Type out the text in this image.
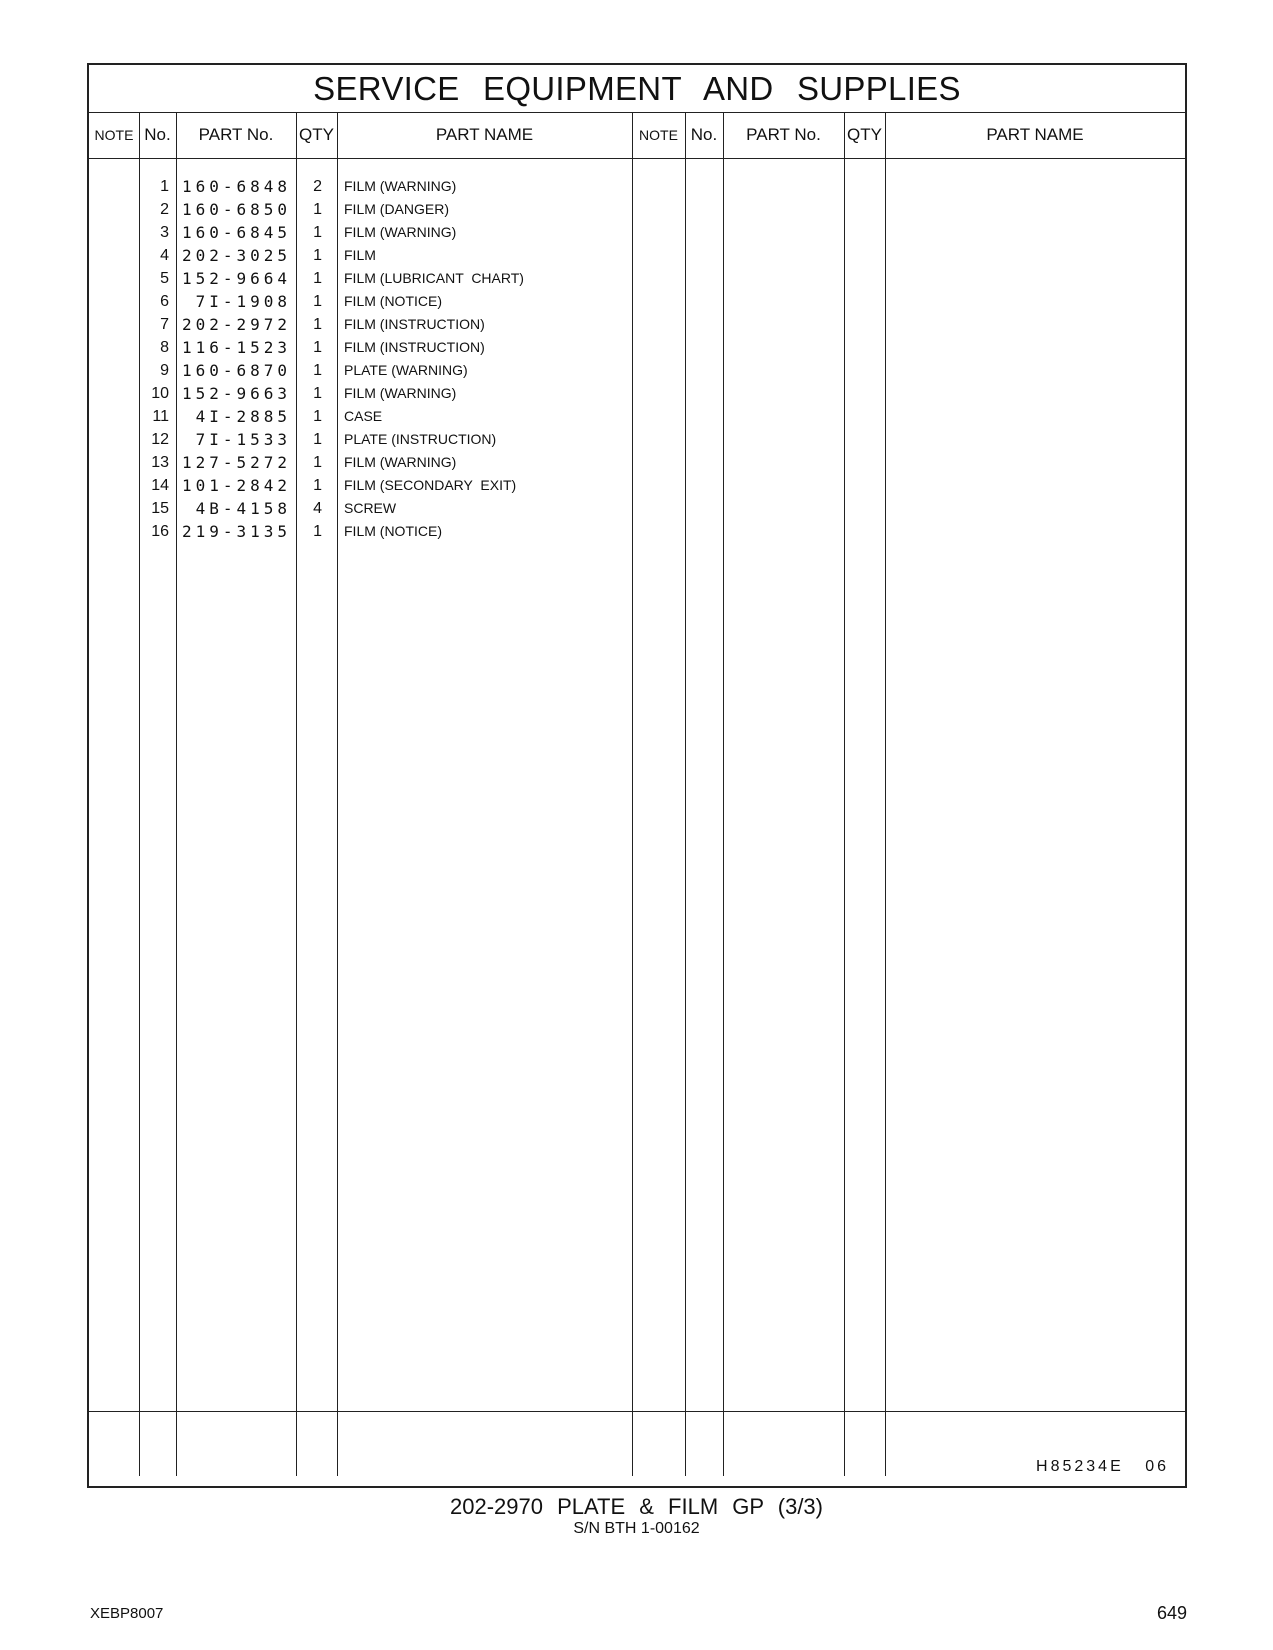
SERVICE EQUIPMENT AND SUPPLIES
NOTE No.	PART No.	QTY	PART NAME	NOTE No.	PART No.	QTY	PART NAME
1 160-6848	2 FILM (WARNING)
2 160-6850	1 FILM (DANGER)
3 160-6845	1 FILM (WARNING)
4 202-3025	1 FILM
5 152-9664	1 FILM (LUBRICANT  CHART)
6	7I-1908	1 FILM (NOTICE)
7 202-2972	1 FILM (INSTRUCTION)
8 116-1523	1 FILM (INSTRUCTION)
9 160-6870	1 PLATE (WARNING)
10 152-9663	1 FILM (WARNING)
11	4I-2885	1 CASE
12	7I-1533	1 PLATE (INSTRUCTION)
13 127-5272	1 FILM (WARNING)
14 101-2842	1 FILM (SECONDARY  EXIT)
15	4B-4158	4 SCREW
16 219-3135	1 FILM (NOTICE)
H85234E 06
202-2970 PLATE & FILM GP (3/3)
S/N BTH 1-00162
XEBP8007	649
